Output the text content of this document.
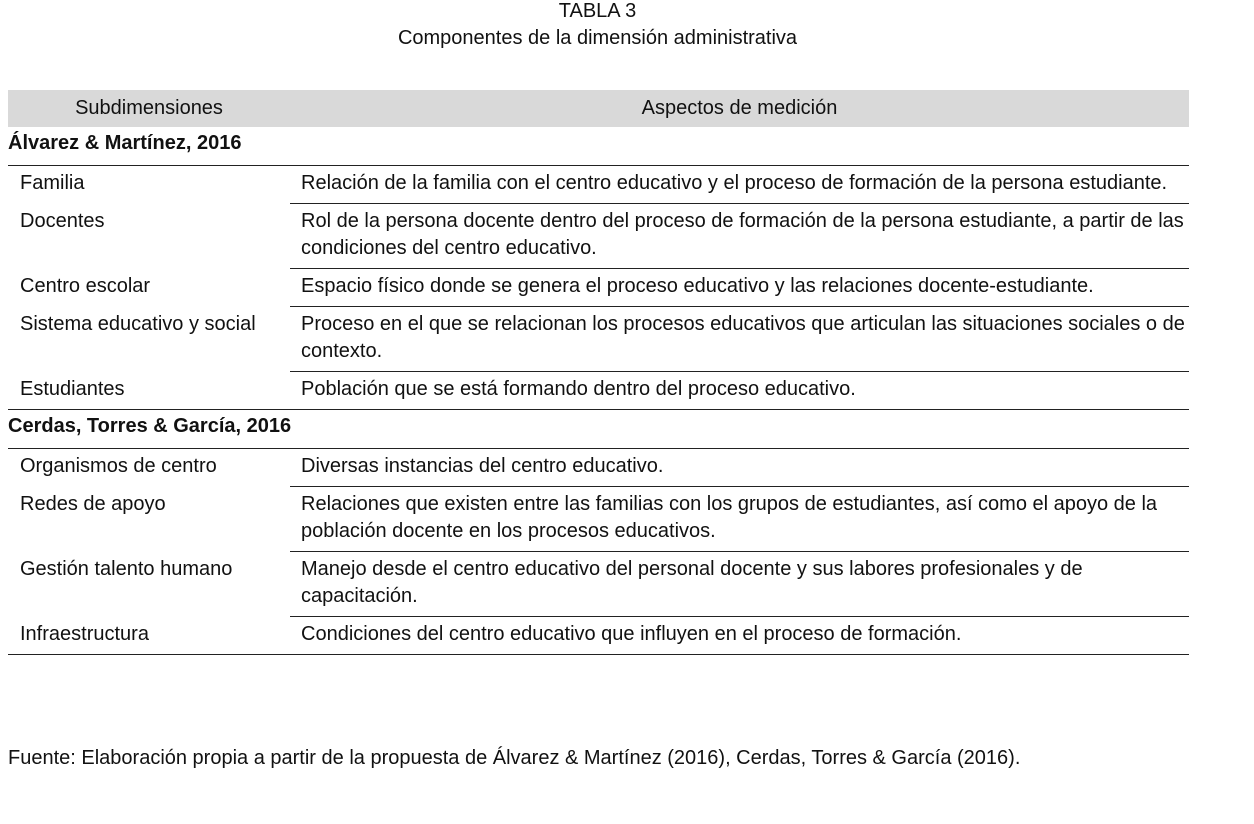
TABLA 3
Componentes de la dimensión administrativa
Subdimensiones	Aspectos de medición
Álvarez & Martínez, 2016	
Familia	Relación de la familia con el centro educativo y el proceso de formación de la persona estudiante.
Docentes	Rol de la persona docente dentro del proceso de formación de la persona estudiante, a partir de las condiciones del centro educativo.
Centro escolar	Espacio físico donde se genera el proceso educativo y las relaciones docente-estudiante.
Sistema educativo y social	Proceso en el que se relacionan los procesos educativos que articulan las situaciones sociales o de contexto.
Estudiantes	Población que se está formando dentro del proceso educativo.
Cerdas, Torres & García, 2016	
Organismos de centro	Diversas instancias del centro educativo.
Redes de apoyo	Relaciones que existen entre las familias con los grupos de estudiantes, así como el apoyo de la población docente en los procesos educativos.
Gestión talento humano	Manejo desde el centro educativo del personal docente y sus labores profesionales y de capacitación.
Infraestructura	Condiciones del centro educativo que influyen en el proceso de formación.
Fuente: Elaboración propia a partir de la propuesta de Álvarez & Martínez (2016), Cerdas, Torres & García (2016).
